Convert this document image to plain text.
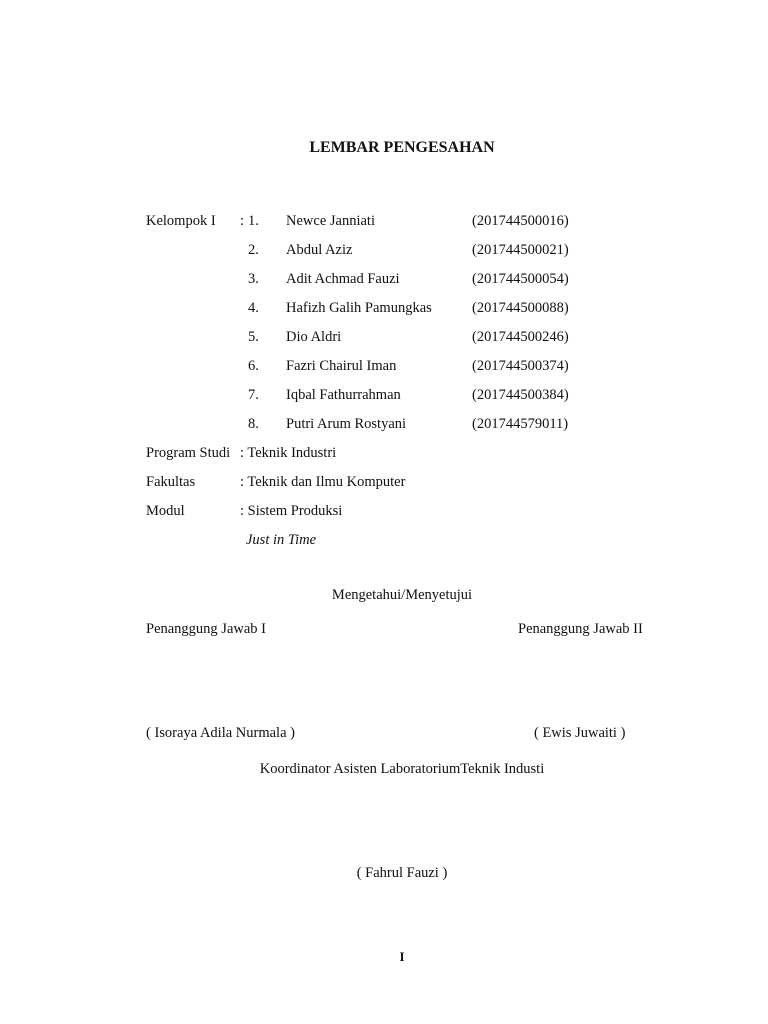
LEMBAR PENGESAHAN
Kelompok I : 1. Newce Janniati	(201744500016)
2. Abdul Aziz	(201744500021)
3. Adit Achmad Fauzi	(201744500054)
4. Hafizh Galih Pamungkas	(201744500088)
5. Dio Aldri	(201744500246)
6. Fazri Chairul Iman	(201744500374)
7. Iqbal Fathurrahman	(201744500384)
8. Putri Arum Rostyani	(201744579011)
Program Studi : Teknik Industri
Fakultas	: Teknik dan Ilmu Komputer
Modul	: Sistem Produksi
Just in Time
Mengetahui/Menyetujui
Penanggung Jawab I	Penanggung Jawab II
( Isoraya Adila Nurmala )	( Ewis Juwaiti )
Koordinator Asisten LaboratoriumTeknik Industi
( Fahrul Fauzi )
I
